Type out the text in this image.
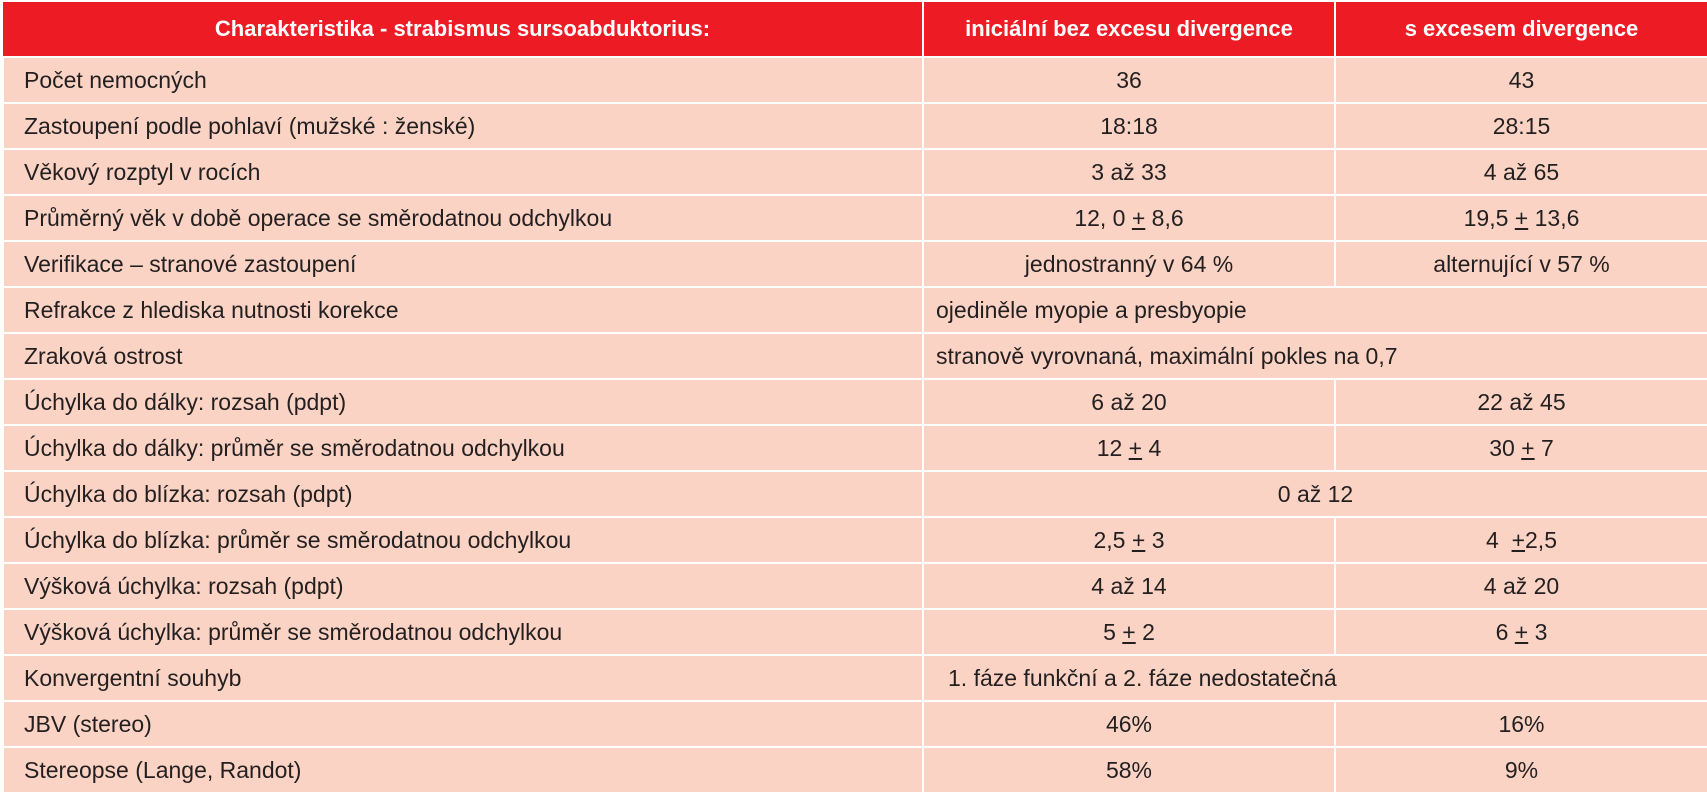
Charakteristika - strabismus sursoabduktorius:	iniciální bez excesu divergence	s excesem divergence
Počet nemocných	36	43
Zastoupení podle pohlaví (mužské : ženské)	18:18	28:15
Věkový rozptyl v rocích	3 až 33	4 až 65
Průměrný věk v době operace se směrodatnou odchylkou	12, 0 + 8,6	19,5 + 13,6
Verifikace – stranové zastoupení	jednostranný v 64 %	alternující v 57 %
Refrakce z hlediska nutnosti korekce	ojediněle myopie a presbyopie	
Zraková ostrost	stranově vyrovnaná, maximální pokles na 0,7	
Úchylka do dálky: rozsah (pdpt)	6 až 20	22 až 45
Úchylka do dálky: průměr se směrodatnou odchylkou	12 + 4	30 + 7
Úchylka do blízka: rozsah (pdpt)	0 až 12	
Úchylka do blízka: průměr se směrodatnou odchylkou	2,5 + 3	4  +2,5
Výšková úchylka: rozsah (pdpt)	4 až 14	4 až 20
Výšková úchylka: průměr se směrodatnou odchylkou	5 + 2	6 + 3
Konvergentní souhyb	1. fáze funkční a 2. fáze nedostatečná	
JBV (stereo)	46%	16%
Stereopse (Lange, Randot)	58%	9%
